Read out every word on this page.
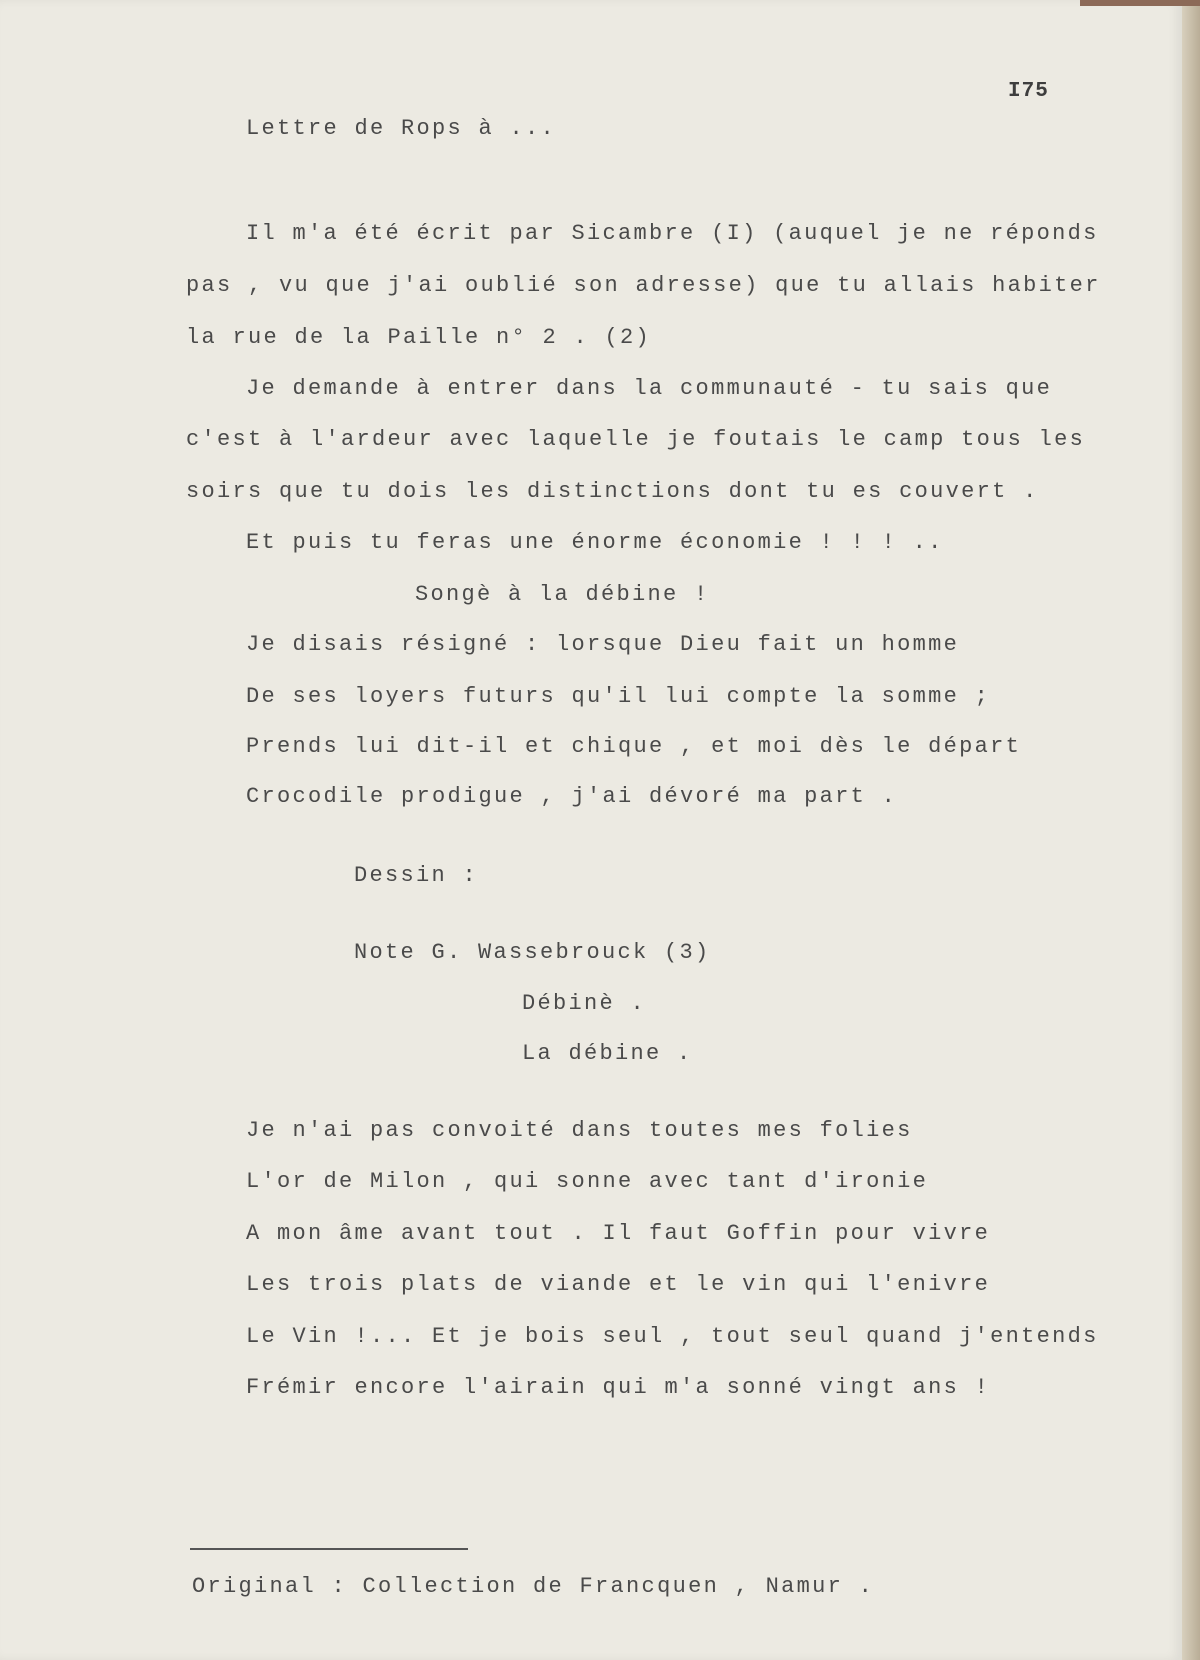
I75

Lettre de Rops à ...

Il m'a été écrit par Sicambre (I) (auquel je ne réponds

pas , vu que j'ai oublié son adresse) que tu allais habiter

la rue de la Paille n° 2 . (2)

Je demande à entrer dans la communauté - tu sais que

c'est à l'ardeur avec laquelle je foutais le camp tous les

soirs que tu dois les distinctions dont tu es couvert .

Et puis tu feras une énorme économie ! ! ! ..

Songè à la débine !

Je disais résigné : lorsque Dieu fait un homme

De ses loyers futurs qu'il lui compte la somme ;

Prends lui dit-il et chique , et moi dès le départ

Crocodile prodigue , j'ai dévoré ma part .

Dessin :

Note G. Wassebrouck (3)

Débinè .

La débine .

Je n'ai pas convoité dans toutes mes folies

L'or de Milon , qui sonne avec tant d'ironie

A mon âme avant tout . Il faut Goffin pour vivre

Les trois plats de viande et le vin qui l'enivre

Le Vin !... Et je bois seul , tout seul quand j'entends

Frémir encore l'airain qui m'a sonné vingt ans !

Original : Collection de Francquen , Namur .
